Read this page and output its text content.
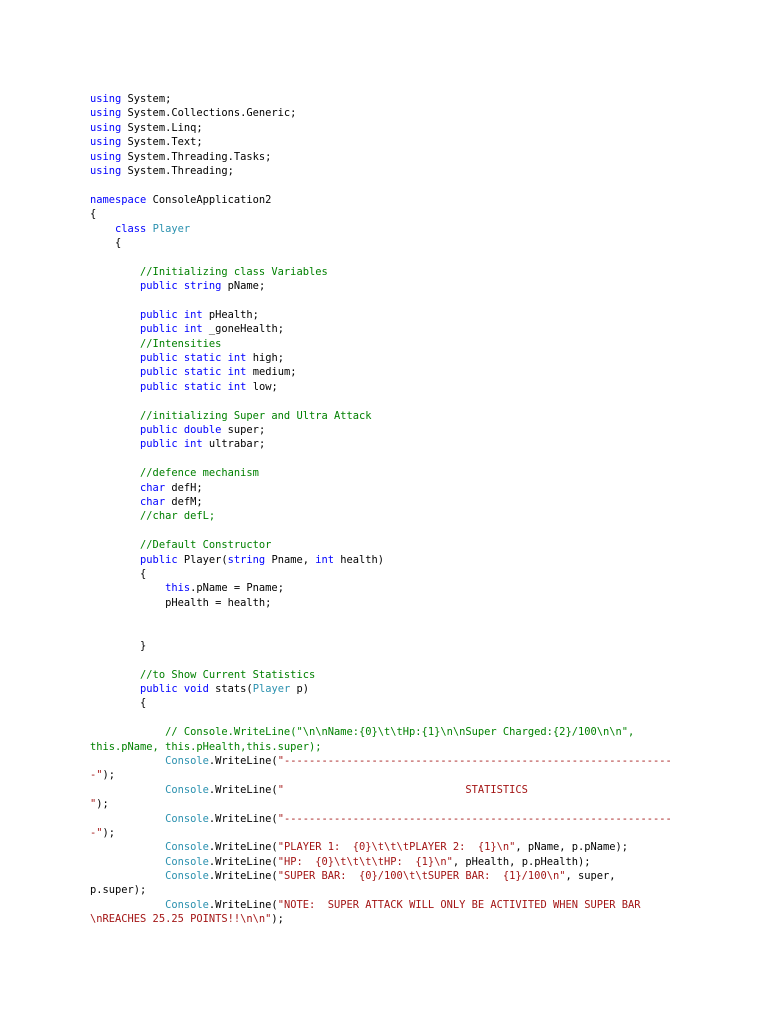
using System;
using System.Collections.Generic;
using System.Linq;
using System.Text;
using System.Threading.Tasks;
using System.Threading;

namespace ConsoleApplication2
{
class Player
{

//Initializing class Variables
public string pName;

public int pHealth;
public int _goneHealth;
//Intensities
public static int high;
public static int medium;
public static int low;

//initializing Super and Ultra Attack
public double super;
public int ultrabar;

//defence mechanism
char defH;
char defM;
//char defL;

//Default Constructor
public Player(string Pname, int health)
{
this.pName = Pname;
pHealth = health;

}

//to Show Current Statistics
public void stats(Player p)
{

// Console.WriteLine("\n\nName:{0}\t\tHp:{1}\n\nSuper Charged:{2}/100\n\n",
this.pName, this.pHealth,this.super);
Console.WriteLine("--------------------------------------------------------------
-");
Console.WriteLine("                             STATISTICS
");
Console.WriteLine("--------------------------------------------------------------
-");
Console.WriteLine("PLAYER 1:  {0}\t\t\tPLAYER 2:  {1}\n", pName, p.pName);
Console.WriteLine("HP:  {0}\t\t\t\tHP:  {1}\n", pHealth, p.pHealth);
Console.WriteLine("SUPER BAR:  {0}/100\t\tSUPER BAR:  {1}/100\n", super,
p.super);
Console.WriteLine("NOTE:  SUPER ATTACK WILL ONLY BE ACTIVITED WHEN SUPER BAR
\nREACHES 25.25 POINTS!!\n\n");
